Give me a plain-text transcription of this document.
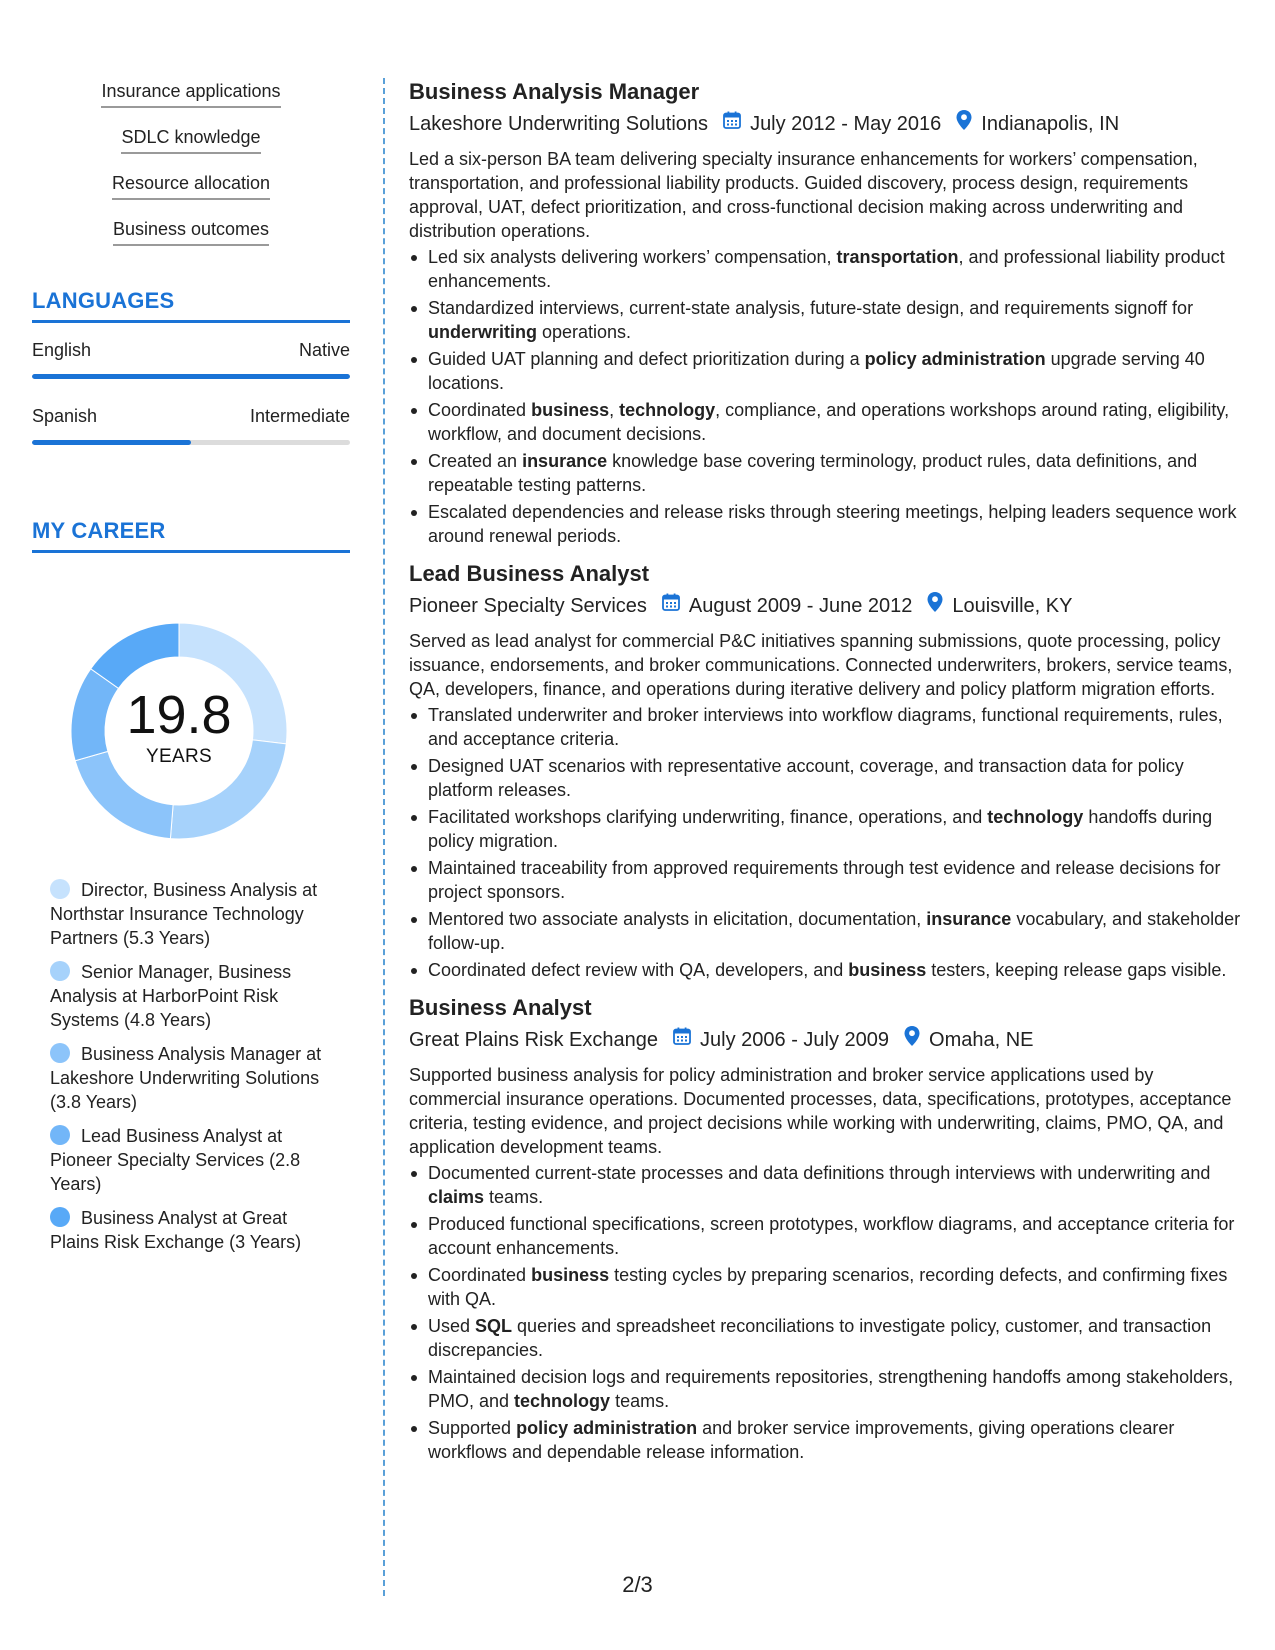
Insurance applications
SDLC knowledge
Resource allocation
Business outcomes
LANGUAGES
English	Native
Spanish	Intermediate
MY CAREER
19.8
YEARS
Director, Business Analysis at Northstar Insurance Technology Partners (5.3 Years)
Senior Manager, Business Analysis at HarborPoint Risk Systems (4.8 Years)
Business Analysis Manager at Lakeshore Underwriting Solutions (3.8 Years)
Lead Business Analyst at Pioneer Specialty Services (2.8 Years)
Business Analyst at Great Plains Risk Exchange (3 Years)
Business Analysis Manager
Lakeshore Underwriting Solutions July 2012 - May 2016 Indianapolis, IN
Led a six-person BA team delivering specialty insurance enhancements for workers’ compensation, transportation, and professional liability products. Guided discovery, process design, requirements approval, UAT, defect prioritization, and cross-functional decision making across underwriting and distribution operations.
Led six analysts delivering workers’ compensation, transportation, and professional liability product enhancements.
Standardized interviews, current-state analysis, future-state design, and requirements signoff for underwriting operations.
Guided UAT planning and defect prioritization during a policy administration upgrade serving 40 locations.
Coordinated business, technology, compliance, and operations workshops around rating, eligibility, workflow, and document decisions.
Created an insurance knowledge base covering terminology, product rules, data definitions, and repeatable testing patterns.
Escalated dependencies and release risks through steering meetings, helping leaders sequence work around renewal periods.
Lead Business Analyst
Pioneer Specialty Services August 2009 - June 2012 Louisville, KY
Served as lead analyst for commercial P&C initiatives spanning submissions, quote processing, policy issuance, endorsements, and broker communications. Connected underwriters, brokers, service teams, QA, developers, finance, and operations during iterative delivery and policy platform migration efforts.
Translated underwriter and broker interviews into workflow diagrams, functional requirements, rules, and acceptance criteria.
Designed UAT scenarios with representative account, coverage, and transaction data for policy platform releases.
Facilitated workshops clarifying underwriting, finance, operations, and technology handoffs during policy migration.
Maintained traceability from approved requirements through test evidence and release decisions for project sponsors.
Mentored two associate analysts in elicitation, documentation, insurance vocabulary, and stakeholder follow-up.
Coordinated defect review with QA, developers, and business testers, keeping release gaps visible.
Business Analyst
Great Plains Risk Exchange July 2006 - July 2009 Omaha, NE
Supported business analysis for policy administration and broker service applications used by commercial insurance operations. Documented processes, data, specifications, prototypes, acceptance criteria, testing evidence, and project decisions while working with underwriting, claims, PMO, QA, and application development teams.
Documented current-state processes and data definitions through interviews with underwriting and claims teams.
Produced functional specifications, screen prototypes, workflow diagrams, and acceptance criteria for account enhancements.
Coordinated business testing cycles by preparing scenarios, recording defects, and confirming fixes with QA.
Used SQL queries and spreadsheet reconciliations to investigate policy, customer, and transaction discrepancies.
Maintained decision logs and requirements repositories, strengthening handoffs among stakeholders, PMO, and technology teams.
Supported policy administration and broker service improvements, giving operations clearer workflows and dependable release information.
2/3
